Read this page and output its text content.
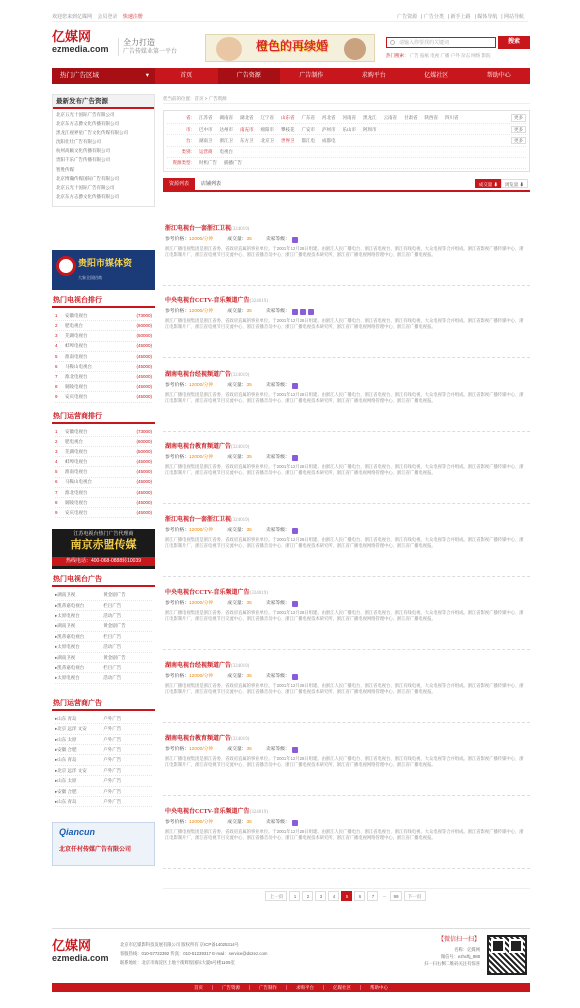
欢迎您来到亿媒网 会员登录 快速注册	广告资源 | 广告分类 | 新手上路 | 媒体导航 | 网站导航
亿媒网
ezmedia.com
全力打造
广告传媒业第一平台	橙色的再续婚	请输入你要找的关键词	搜索
热门搜索： 广告 报纸 电视 广播 户外 杂志 网络 影院
热门广告区域	▾	首页	广告资源	广告制作	求购平台	亿媒社区	帮助中心
最新发布广告资源
北京五光十国际广告有限公司
北京东方志爵文化传播有限公司
黑龙江视界星广告文化传媒有限公司
沈阳壮壮广告有限公司
杭州高颖文化传播有限公司
贵阳千乐广告传播有限公司
智胜传媒
北京博瀚传媒国际广告有限公司
北京五光十国际广告有限公司
北京东方志爵文化传播有限公司
贵阳市媒体资
大象全国招商
热门电视台排行
1	安徽电视台	(73000)
2	肥电视台	(60000)
3	芜湖电视台	(50000)
4	蚌埠电视台	(45000)
5	淮南电视台	(45000)
6	马鞍山电视台	(45000)
7	淮北电视台	(45000)
8	铜陵电视台	(45000)
9	安庆电视台	(45000)
热门运营商排行
1	安徽电视台	(73000)
2	肥电视台	(60000)
3	芜湖电视台	(50000)
4	蚌埠电视台	(45000)
5	淮南电视台	(45000)
6	马鞍山电视台	(45000)
7	淮北电视台	(45000)
8	铜陵电视台	(45000)
9	安庆电视台	(45000)
江苏电视台热门广告代理商
南京赤盟传媒
热线电话：400-068-0888转10039
热门电视台广告
▸ 湖南卫视	黄金剧广告
▸ 凯蒂嘉电视台	栏目广告
▸ 太原电视台	活动广告
▸ 湖南卫视	黄金剧广告
▸ 凯蒂嘉电视台	栏目广告
▸ 太原电视台	活动广告
▸ 湖南卫视	黄金剧广告
▸ 凯蒂嘉电视台	栏目广告
▸ 太原电视台	活动广告
热门运营商广告
▸ 山东 青岛	户外广告
▸ 北京 远洋 文安	户外广告
▸ 山东 太原	户外广告
▸ 安徽 合肥	户外广告
▸ 山东 青岛	户外广告
▸ 北京 远洋 文安	户外广告
▸ 山东 太原	户外广告
▸ 安徽 合肥	户外广告
▸ 山东 青岛	户外广告
Qiancun
北京仟村传媒广告有限公司
您当前的位置：首页 > 广告资源
省： 江苏省 湖南省 湖北省 辽宁省 山东省 广东省 河北省 河南省 黑龙江 云南省 甘肃省 陕西省 四川省	更多
市： 巴中市 达州市 南充市 绵阳市 攀枝花 广安市 泸州市 乐山市 阿坝市	更多
台： 湖南卫 浙江卫 东方卫 北京卫 世界卫 都江电 成都电	更多
类别： 运营商 电视台
资源类型： 时机广告 插播广告
资源列表	店铺列表	成交量 ⬇	浏览量 ⬇
浙江电视台一套浙江卫视(324019)
参考价格： 12000/分钟	成交量： 35	卖家等级：
浙江广播电视集团是浙江省委、省政府直属的事业单位。于2001年12月28日组建。由浙江人民广播电台、浙江省电视台、浙江有线电视、大众电视等合并组成。浙江省影视广播传媒中心、浙江电影制片厂、浙江省电视节目交流中心、浙江省播音员中心、浙江广播电视技术研究所、浙江省广播电视网络管理中心、浙江省广播电视报。
中央电视台CCTV-音乐频道广告(324019)
参考价格： 12000/分钟	成交量： 35	卖家等级：
浙江广播电视集团是浙江省委、省政府直属的事业单位。于2001年12月28日组建。由浙江人民广播电台、浙江省电视台、浙江有线电视、大众电视等合并组成。浙江省影视广播传媒中心、浙江电影制片厂、浙江省电视节目交流中心、浙江省播音员中心、浙江广播电视技术研究所、浙江省广播电视网络管理中心、浙江省广播电视报。
湖南电视台经视频道广告(324019)
参考价格： 12000/分钟	成交量： 35	卖家等级：
浙江广播电视集团是浙江省委、省政府直属的事业单位。于2001年12月28日组建。由浙江人民广播电台、浙江省电视台、浙江有线电视、大众电视等合并组成。浙江省影视广播传媒中心、浙江电影制片厂、浙江省电视节目交流中心、浙江省播音员中心、浙江广播电视技术研究所、浙江省广播电视网络管理中心、浙江省广播电视报。
湖南电视台教育频道广告(324019)
参考价格： 12000/分钟	成交量： 35	卖家等级：
浙江广播电视集团是浙江省委、省政府直属的事业单位。于2001年12月28日组建。由浙江人民广播电台、浙江省电视台、浙江有线电视、大众电视等合并组成。浙江省影视广播传媒中心、浙江电影制片厂、浙江省电视节目交流中心、浙江省播音员中心、浙江广播电视技术研究所、浙江省广播电视网络管理中心、浙江省广播电视报。
浙江电视台一套浙江卫视(324019)
参考价格： 12000/分钟	成交量： 35	卖家等级：
浙江广播电视集团是浙江省委、省政府直属的事业单位。于2001年12月28日组建。由浙江人民广播电台、浙江省电视台、浙江有线电视、大众电视等合并组成。浙江省影视广播传媒中心、浙江电影制片厂、浙江省电视节目交流中心、浙江省播音员中心、浙江广播电视技术研究所、浙江省广播电视网络管理中心、浙江省广播电视报。
中央电视台CCTV-音乐频道广告(324019)
参考价格： 12000/分钟	成交量： 35	卖家等级：
浙江广播电视集团是浙江省委、省政府直属的事业单位。于2001年12月28日组建。由浙江人民广播电台、浙江省电视台、浙江有线电视、大众电视等合并组成。浙江省影视广播传媒中心、浙江电影制片厂、浙江省电视节目交流中心、浙江省播音员中心、浙江广播电视技术研究所、浙江省广播电视网络管理中心、浙江省广播电视报。
湖南电视台经视频道广告(324019)
参考价格： 12000/分钟	成交量： 35	卖家等级：
浙江广播电视集团是浙江省委、省政府直属的事业单位。于2001年12月28日组建。由浙江人民广播电台、浙江省电视台、浙江有线电视、大众电视等合并组成。浙江省影视广播传媒中心、浙江电影制片厂、浙江省电视节目交流中心、浙江省播音员中心、浙江广播电视技术研究所、浙江省广播电视网络管理中心、浙江省广播电视报。
湖南电视台教育频道广告(324019)
参考价格： 12000/分钟	成交量： 35	卖家等级：
浙江广播电视集团是浙江省委、省政府直属的事业单位。于2001年12月28日组建。由浙江人民广播电台、浙江省电视台、浙江有线电视、大众电视等合并组成。浙江省影视广播传媒中心、浙江电影制片厂、浙江省电视节目交流中心、浙江省播音员中心、浙江广播电视技术研究所、浙江省广播电视网络管理中心、浙江省广播电视报。
中央电视台CCTV-音乐频道广告(324019)
参考价格： 12000/分钟	成交量： 35	卖家等级：
浙江广播电视集团是浙江省委、省政府直属的事业单位。于2001年12月28日组建。由浙江人民广播电台、浙江省电视台、浙江有线电视、大众电视等合并组成。浙江省影视广播传媒中心、浙江电影制片厂、浙江省电视节目交流中心、浙江省播音员中心、浙江广播电视技术研究所、浙江省广播电视网络管理中心、浙江省广播电视报。
上一页	1	2	3	4	5	6	7	...	99	下一页
亿媒网
ezmedia.com
北京市亿媒影科技发展有限公司 版权所有 京ICP备14025314号
客服热线：010-57722392 传真：010-51239317 E-mail：service@ds2ez.com
联系地址：北京市海淀区上地十街辉煌国际大厦5号楼1105室
【微信扫一扫】
名称：亿媒网
微信号：ezhcftj_888
扫一扫右侧二维码关注有惊喜
首页	广告资源	广告制作	求购平台	亿媒社区	帮助中心
